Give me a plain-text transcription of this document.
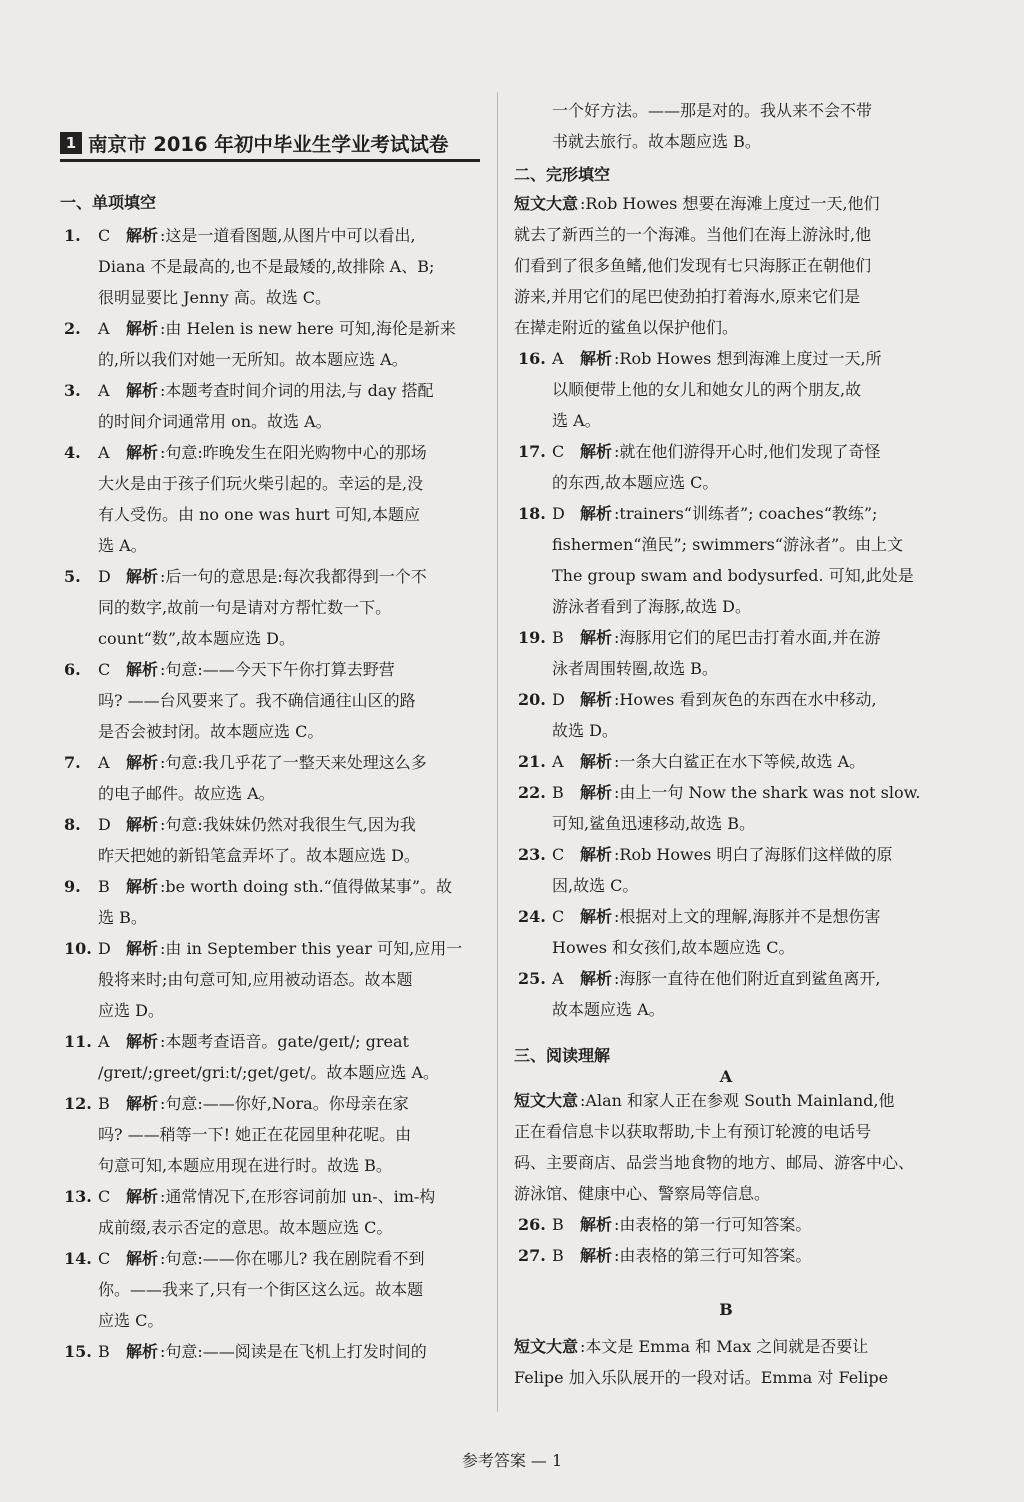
1 南京市 2016 年初中毕业生学业考试试卷
一、单项填空
1. C 解析 :这是一道看图题,从图片中可以看出,
Diana 不是最高的,也不是最矮的,故排除 A、B;
很明显要比 Jenny 高。故选 C。
2. A 解析 :由 Helen is new here 可知,海伦是新来
的,所以我们对她一无所知。故本题应选 A。
3. A 解析 :本题考查时间介词的用法,与 day 搭配
的时间介词通常用 on。故选 A。
4. A 解析 :句意:昨晚发生在阳光购物中心的那场
大火是由于孩子们玩火柴引起的。幸运的是,没
有人受伤。由 no one was hurt 可知,本题应
选 A。
5. D 解析 :后一句的意思是:每次我都得到一个不
同的数字,故前一句是请对方帮忙数一下。
count“数”,故本题应选 D。
6. C 解析 :句意:——今天下午你打算去野营
吗? ——台风要来了。我不确信通往山区的路
是否会被封闭。故本题应选 C。
7. A 解析 :句意:我几乎花了一整天来处理这么多
的电子邮件。故应选 A。
8. D 解析 :句意:我妹妹仍然对我很生气,因为我
昨天把她的新铅笔盒弄坏了。故本题应选 D。
9. B 解析 :be worth doing sth.“值得做某事”。故
选 B。
10. D 解析 :由 in September this year 可知,应用一
般将来时;由句意可知,应用被动语态。故本题
应选 D。
11. A 解析 :本题考查语音。gate/ɡeɪt/; great
/ɡreɪt/;greet/ɡriːt/;get/ɡet/。故本题应选 A。
12. B 解析 :句意:——你好,Nora。你母亲在家
吗? ——稍等一下! 她正在花园里种花呢。由
句意可知,本题应用现在进行时。故选 B。
13. C 解析 :通常情况下,在形容词前加 un-、im-构
成前缀,表示否定的意思。故本题应选 C。
14. C 解析 :句意:——你在哪儿? 我在剧院看不到
你。——我来了,只有一个街区这么远。故本题
应选 C。
15. B 解析 :句意:——阅读是在飞机上打发时间的
一个好方法。——那是对的。我从来不会不带
书就去旅行。故本题应选 B。
二、完形填空
短文大意 :Rob Howes 想要在海滩上度过一天,他们
就去了新西兰的一个海滩。当他们在海上游泳时,他
们看到了很多鱼鳍,他们发现有七只海豚正在朝他们
游来,并用它们的尾巴使劲拍打着海水,原来它们是
在撵走附近的鲨鱼以保护他们。
16. A 解析 :Rob Howes 想到海滩上度过一天,所
以顺便带上他的女儿和她女儿的两个朋友,故
选 A。
17. C 解析 :就在他们游得开心时,他们发现了奇怪
的东西,故本题应选 C。
18. D 解析 :trainers“训练者”; coaches“教练”;
fishermen“渔民”; swimmers“游泳者”。由上文
The group swam and bodysurfed. 可知,此处是
游泳者看到了海豚,故选 D。
19. B 解析 :海豚用它们的尾巴击打着水面,并在游
泳者周围转圈,故选 B。
20. D 解析 :Howes 看到灰色的东西在水中移动,
故选 D。
21. A 解析 :一条大白鲨正在水下等候,故选 A。
22. B 解析 :由上一句 Now the shark was not slow.
可知,鲨鱼迅速移动,故选 B。
23. C 解析 :Rob Howes 明白了海豚们这样做的原
因,故选 C。
24. C 解析 :根据对上文的理解,海豚并不是想伤害
Howes 和女孩们,故本题应选 C。
25. A 解析 :海豚一直待在他们附近直到鲨鱼离开,
故本题应选 A。
三、阅读理解
A
短文大意 :Alan 和家人正在参观 South Mainland,他
正在看信息卡以获取帮助,卡上有预订轮渡的电话号
码、主要商店、品尝当地食物的地方、邮局、游客中心、
游泳馆、健康中心、警察局等信息。
26. B 解析 :由表格的第一行可知答案。
27. B 解析 :由表格的第三行可知答案。
B
短文大意 :本文是 Emma 和 Max 之间就是否要让
Felipe 加入乐队展开的一段对话。Emma 对 Felipe
参考答案 — 1
